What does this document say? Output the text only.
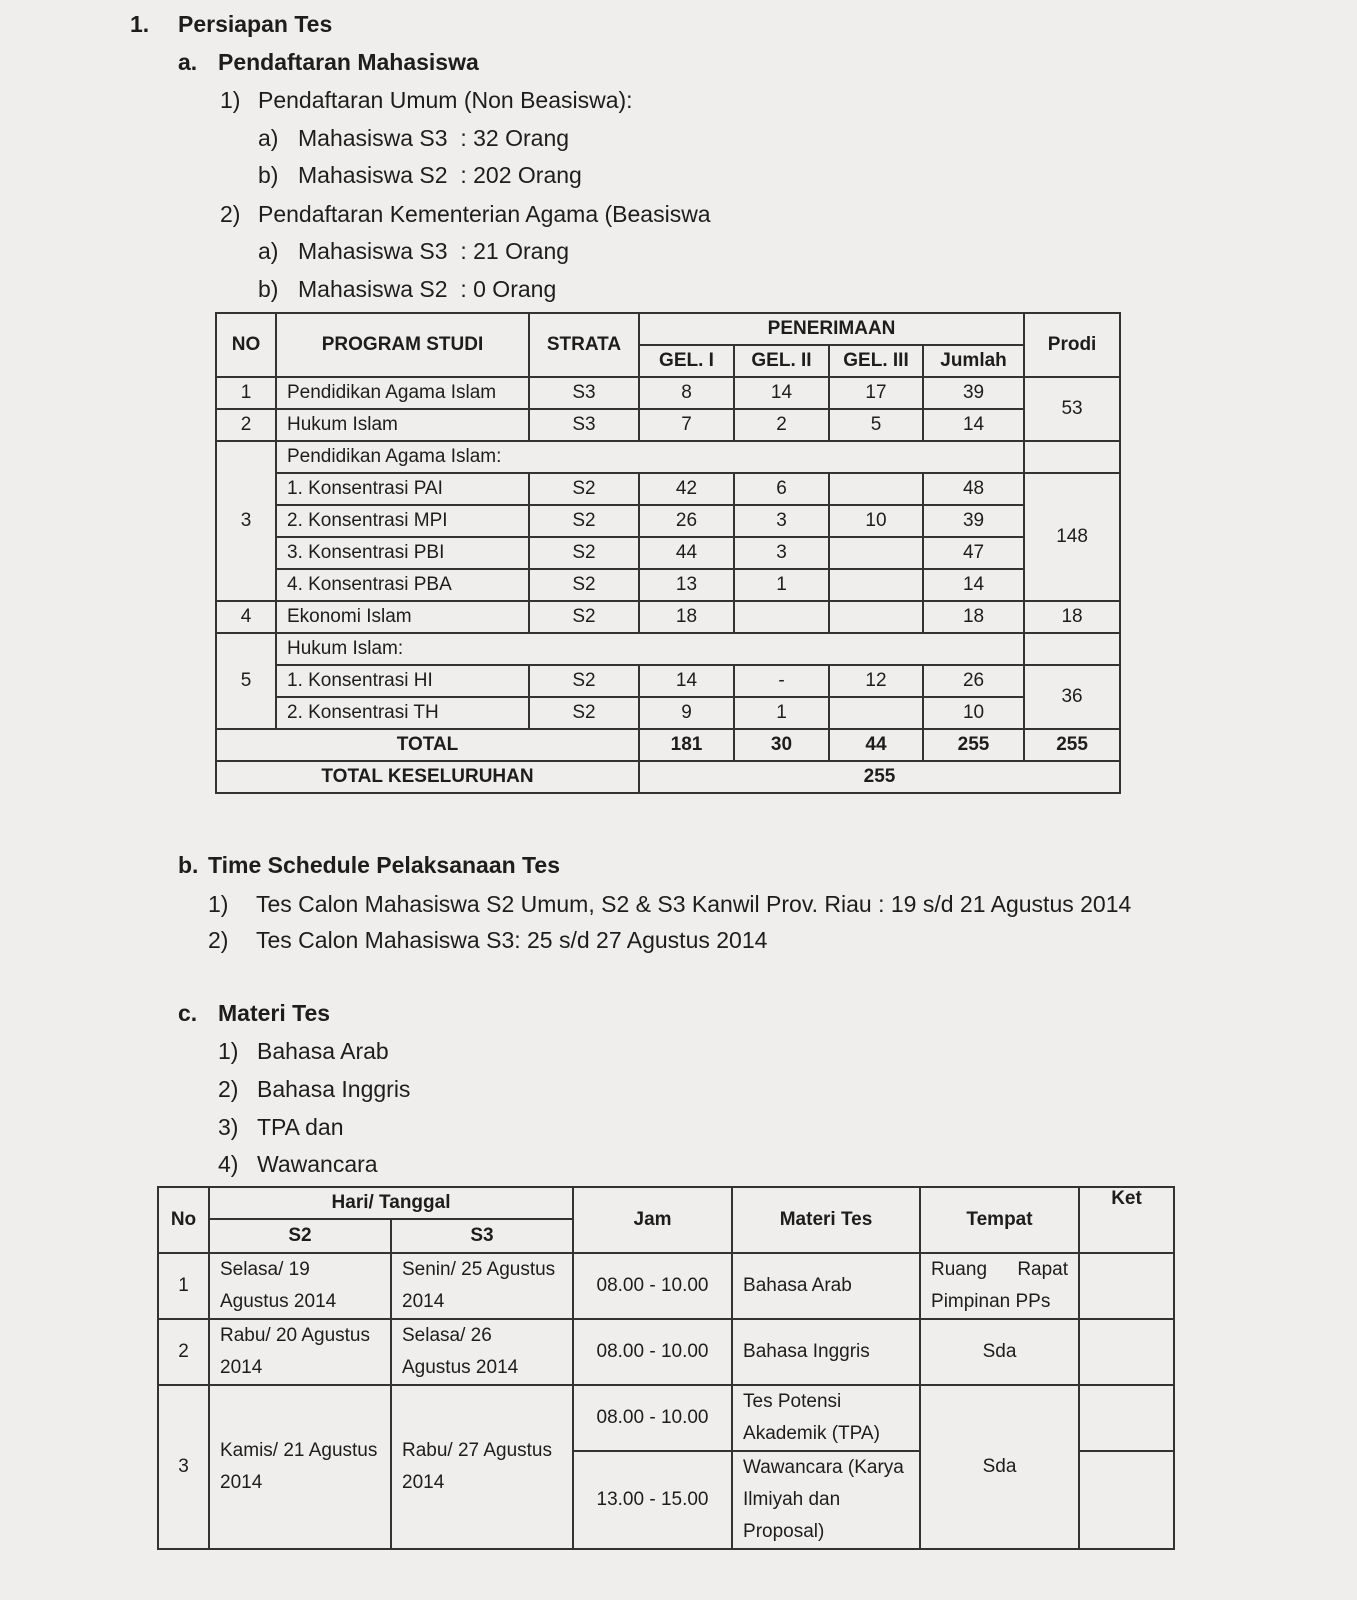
1. Persiapan Tes
a. Pendaftaran Mahasiswa
1) Pendaftaran Umum (Non Beasiswa):
a) Mahasiswa S3  : 32 Orang
b) Mahasiswa S2  : 202 Orang
2) Pendaftaran Kementerian Agama (Beasiswa
a) Mahasiswa S3  : 21 Orang
b) Mahasiswa S2  : 0 Orang
NO	PROGRAM STUDI	STRATA	PENERIMAAN				Prodi
			GEL. I	GEL. II	GEL. III	Jumlah	
1	Pendidikan Agama Islam	S3	8	14	17	39	53
2	Hukum Islam	S3	7	2	5	14	
3	Pendidikan Agama Islam:						
	1. Konsentrasi PAI	S2	42	6		48	148
	2. Konsentrasi MPI	S2	26	3	10	39	
	3. Konsentrasi PBI	S2	44	3		47	
	4. Konsentrasi PBA	S2	13	1		14	
4	Ekonomi Islam	S2	18			18	18
5	Hukum Islam:						
	1. Konsentrasi HI	S2	14	-	12	26	36
	2. Konsentrasi TH	S2	9	1		10	
TOTAL			181	30	44	255	255
TOTAL KESELURUHAN			255				
b. Time Schedule Pelaksanaan Tes
1) Tes Calon Mahasiswa S2 Umum, S2 & S3 Kanwil Prov. Riau : 19 s/d 21 Agustus 2014
2) Tes Calon Mahasiswa S3: 25 s/d 27 Agustus 2014
c. Materi Tes
1) Bahasa Arab
2) Bahasa Inggris
3) TPA dan
4) Wawancara
No	Hari/ Tanggal		Jam	Materi Tes	Tempat	Ket
	S2	S3				
1	Selasa/ 19 Agustus 2014	Senin/ 25 Agustus 2014	08.00 - 10.00	Bahasa Arab	Ruang Rapat Pimpinan PPs	
2	Rabu/ 20 Agustus 2014	Selasa/ 26 Agustus 2014	08.00 - 10.00	Bahasa Inggris	Sda	
3	Kamis/ 21 Agustus 2014	Rabu/ 27 Agustus 2014	08.00 - 10.00	Tes Potensi Akademik (TPA)	Sda	
			13.00 - 15.00	Wawancara (Karya Ilmiyah dan Proposal)		
